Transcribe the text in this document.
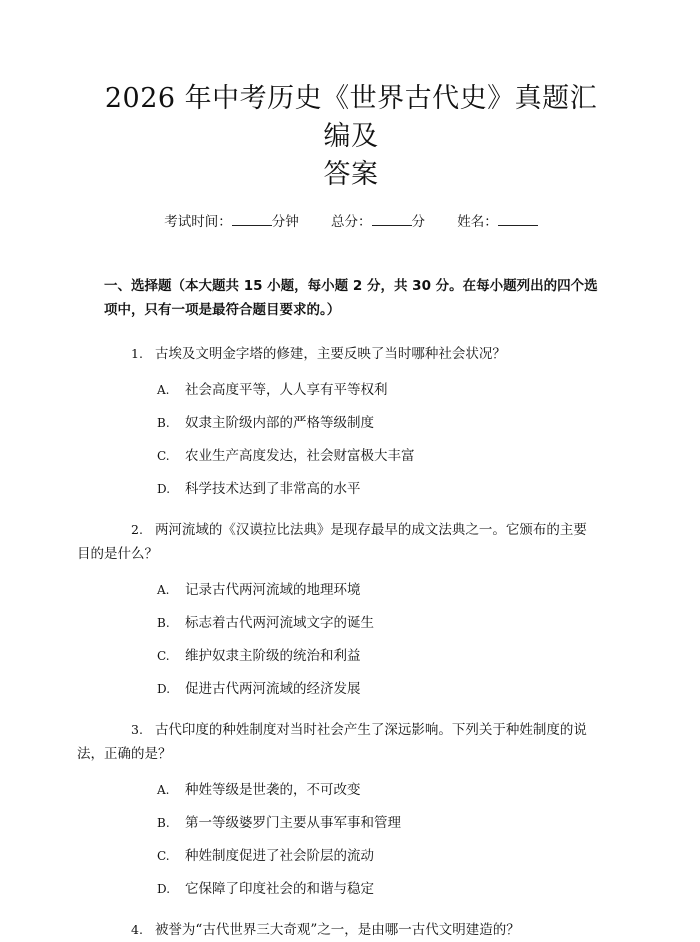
2026 年中考历史《世界古代史》真题汇编及
答案
考试时间：	分钟 总分：	分 姓名：
一、选择题（本大题共 15 小题，每小题 2 分，共 30 分。在每小题列出的四个选
项中，只有一项是最符合题目要求的。）
1. 古埃及文明金字塔的修建，主要反映了当时哪种社会状况？
A. 社会高度平等，人人享有平等权利
B. 奴隶主阶级内部的严格等级制度
C. 农业生产高度发达，社会财富极大丰富
D. 科学技术达到了非常高的水平
2. 两河流域的《汉谟拉比法典》是现存最早的成文法典之一。它颁布的主要
目的是什么？
A. 记录古代两河流域的地理环境
B. 标志着古代两河流域文字的诞生
C. 维护奴隶主阶级的统治和利益
D. 促进古代两河流域的经济发展
3. 古代印度的种姓制度对当时社会产生了深远影响。下列关于种姓制度的说
法，正确的是？
A. 种姓等级是世袭的，不可改变
B. 第一等级婆罗门主要从事军事和管理
C. 种姓制度促进了社会阶层的流动
D. 它保障了印度社会的和谐与稳定
4. 被誉为“古代世界三大奇观”之一，是由哪一古代文明建造的？
